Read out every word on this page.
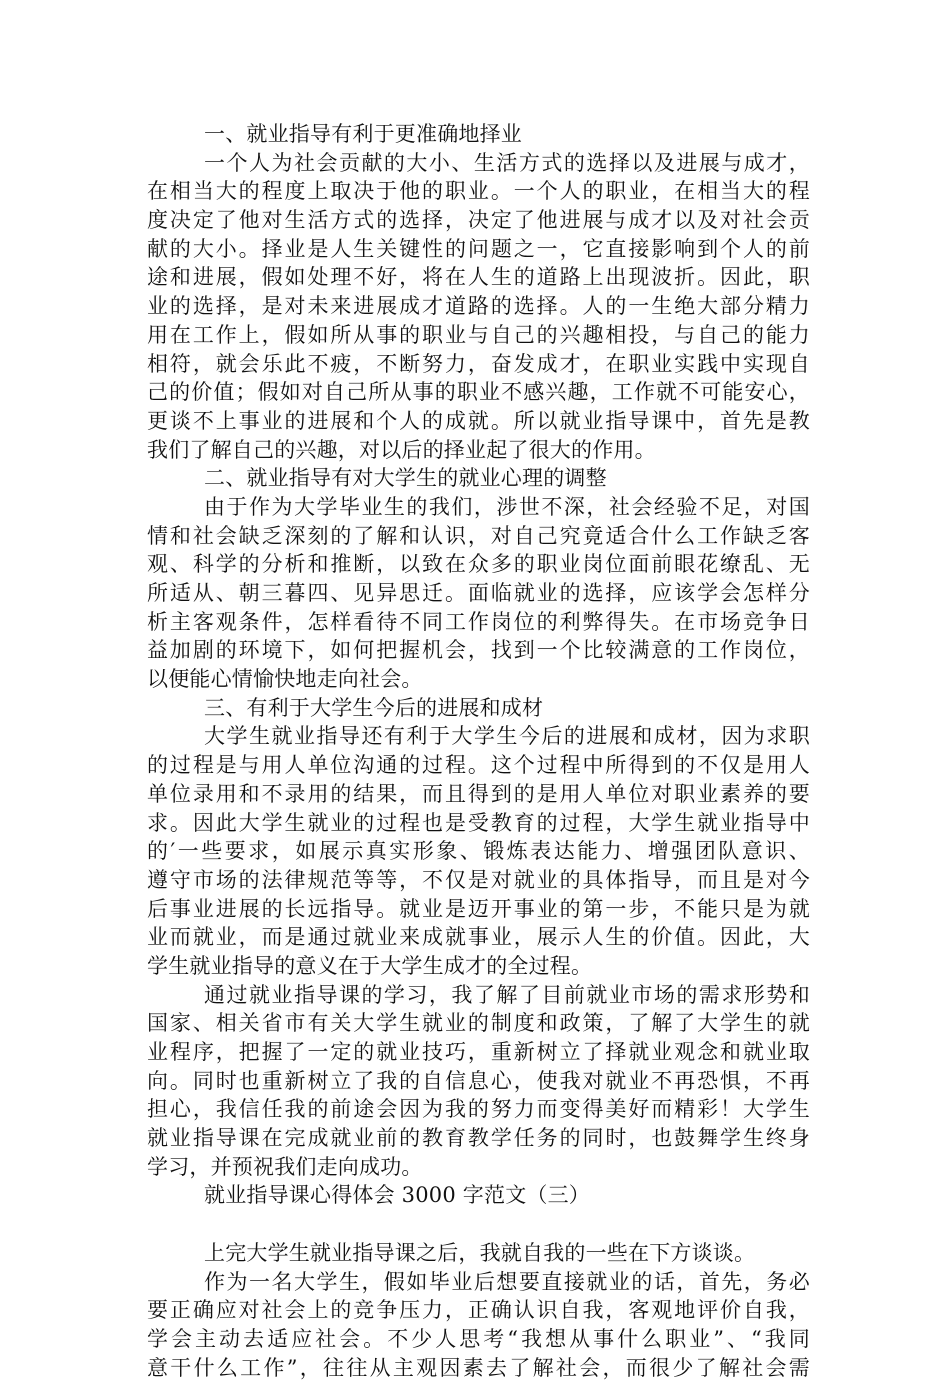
一、就业指导有利于更准确地择业
一个人为社会贡献的大小、生活方式的选择以及进展与成才，
在相当大的程度上取决于他的职业。一个人的职业，在相当大的程
度决定了他对生活方式的选择，决定了他进展与成才以及对社会贡
献的大小。择业是人生关键性的问题之一，它直接影响到个人的前
途和进展，假如处理不好，将在人生的道路上出现波折。因此，职
业的选择，是对未来进展成才道路的选择。人的一生绝大部分精力
用在工作上，假如所从事的职业与自己的兴趣相投，与自己的能力
相符，就会乐此不疲，不断努力，奋发成才，在职业实践中实现自
己的价值；假如对自己所从事的职业不感兴趣，工作就不可能安心，
更谈不上事业的进展和个人的成就。所以就业指导课中，首先是教
我们了解自己的兴趣，对以后的择业起了很大的作用。
二、就业指导有对大学生的就业心理的调整
由于作为大学毕业生的我们，涉世不深，社会经验不足，对国
情和社会缺乏深刻的了解和认识，对自己究竟适合什么工作缺乏客
观、科学的分析和推断，以致在众多的职业岗位面前眼花缭乱、无
所适从、朝三暮四、见异思迁。面临就业的选择，应该学会怎样分
析主客观条件，怎样看待不同工作岗位的利弊得失。在市场竞争日
益加剧的环境下，如何把握机会，找到一个比较满意的工作岗位，
以便能心情愉快地走向社会。
三、有利于大学生今后的进展和成材
大学生就业指导还有利于大学生今后的进展和成材，因为求职
的过程是与用人单位沟通的过程。这个过程中所得到的不仅是用人
单位录用和不录用的结果，而且得到的是用人单位对职业素养的要
求。因此大学生就业的过程也是受教育的过程，大学生就业指导中
的′一些要求，如展示真实形象、锻炼表达能力、增强团队意识、
遵守市场的法律规范等等，不仅是对就业的具体指导，而且是对今
后事业进展的长远指导。就业是迈开事业的第一步，不能只是为就
业而就业，而是通过就业来成就事业，展示人生的价值。因此，大
学生就业指导的意义在于大学生成才的全过程。
通过就业指导课的学习，我了解了目前就业市场的需求形势和
国家、相关省市有关大学生就业的制度和政策，了解了大学生的就
业程序，把握了一定的就业技巧，重新树立了择就业观念和就业取
向。同时也重新树立了我的自信息心，使我对就业不再恐惧，不再
担心，我信任我的前途会因为我的努力而变得美好而精彩！大学生
就业指导课在完成就业前的教育教学任务的同时，也鼓舞学生终身
学习，并预祝我们走向成功。
就业指导课心得体会 3000 字范文（三）
上完大学生就业指导课之后，我就自我的一些在下方谈谈。
作为一名大学生，假如毕业后想要直接就业的话，首先，务必
要正确应对社会上的竞争压力，正确认识自我，客观地评价自我，
学会主动去适应社会。不少人思考“我想从事什么职业”、“我同
意干什么工作”，往往从主观因素去了解社会，而很少了解社会需
